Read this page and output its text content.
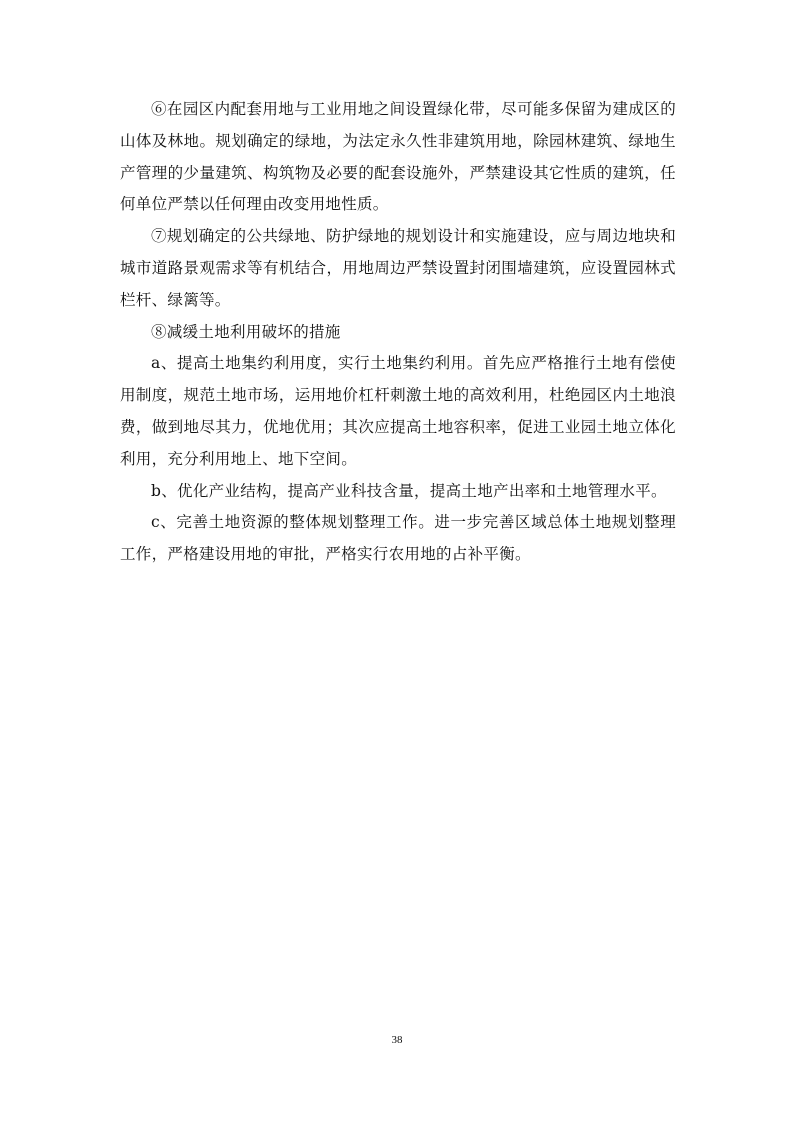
⑥在园区内配套用地与工业用地之间设置绿化带，尽可能多保留为建成区的山体及林地。规划确定的绿地，为法定永久性非建筑用地，除园林建筑、绿地生产管理的少量建筑、构筑物及必要的配套设施外，严禁建设其它性质的建筑，任何单位严禁以任何理由改变用地性质。

⑦规划确定的公共绿地、防护绿地的规划设计和实施建设，应与周边地块和城市道路景观需求等有机结合，用地周边严禁设置封闭围墙建筑，应设置园林式栏杆、绿篱等。

⑧减缓土地利用破坏的措施

a、提高土地集约利用度，实行土地集约利用。首先应严格推行土地有偿使用制度，规范土地市场，运用地价杠杆刺激土地的高效利用，杜绝园区内土地浪费，做到地尽其力，优地优用；其次应提高土地容积率，促进工业园土地立体化利用，充分利用地上、地下空间。

b、优化产业结构，提高产业科技含量，提高土地产出率和土地管理水平。

c、完善土地资源的整体规划整理工作。进一步完善区域总体土地规划整理工作，严格建设用地的审批，严格实行农用地的占补平衡。

38
